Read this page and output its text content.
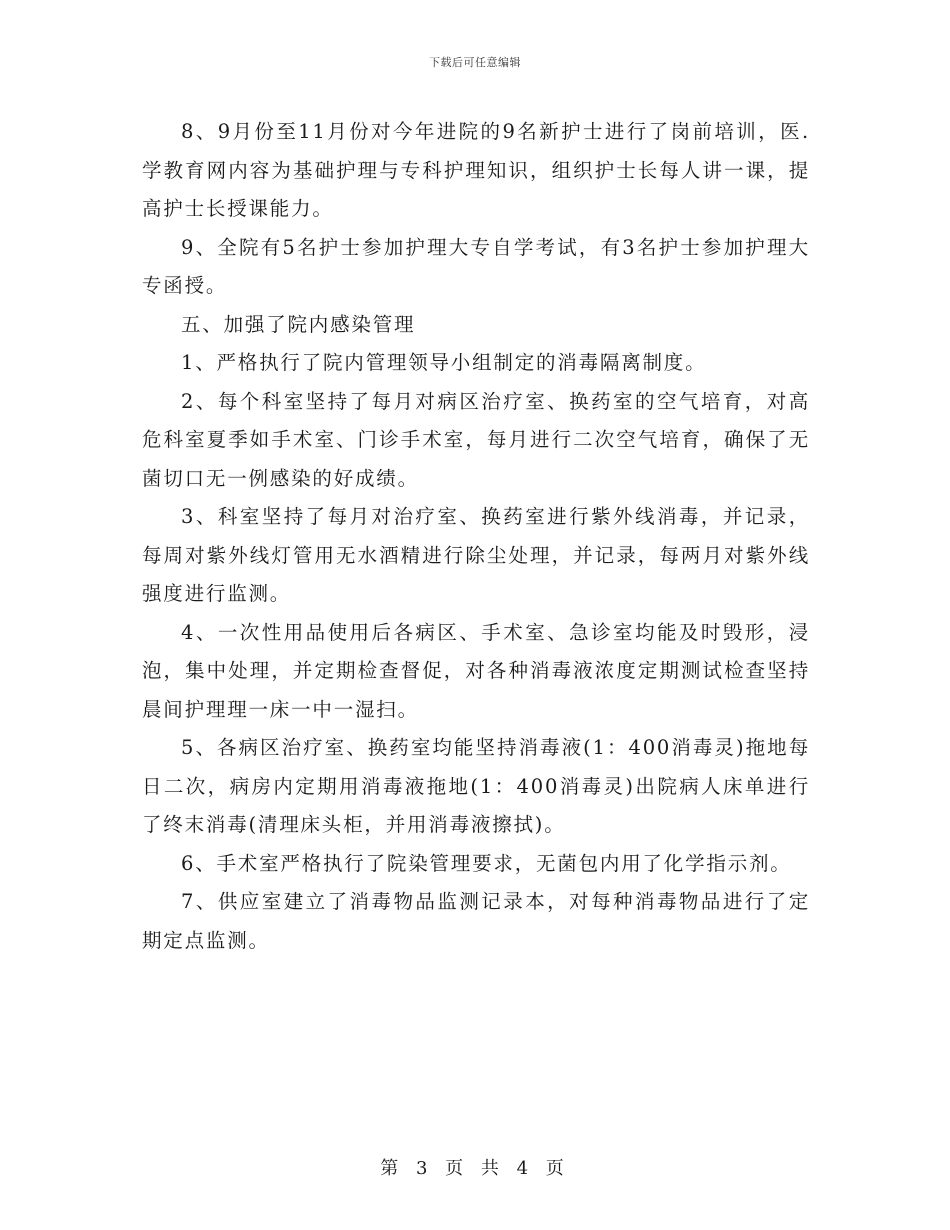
下载后可任意编辑

8、9月份至11月份对今年进院的9名新护士进行了岗前培训，医.学教育网内容为基础护理与专科护理知识，组织护士长每人讲一课，提高护士长授课能力。

9、全院有5名护士参加护理大专自学考试，有3名护士参加护理大专函授。

五、加强了院内感染管理

1、严格执行了院内管理领导小组制定的消毒隔离制度。

2、每个科室坚持了每月对病区治疗室、换药室的空气培育，对高危科室夏季如手术室、门诊手术室，每月进行二次空气培育，确保了无菌切口无一例感染的好成绩。

3、科室坚持了每月对治疗室、换药室进行紫外线消毒，并记录，每周对紫外线灯管用无水酒精进行除尘处理，并记录，每两月对紫外线强度进行监测。

4、一次性用品使用后各病区、手术室、急诊室均能及时毁形，浸泡，集中处理，并定期检查督促，对各种消毒液浓度定期测试检查坚持晨间护理理一床一中一湿扫。

5、各病区治疗室、换药室均能坚持消毒液(1：400消毒灵)拖地每日二次，病房内定期用消毒液拖地(1：400消毒灵)出院病人床单进行了终末消毒(清理床头柜，并用消毒液擦拭)。

6、手术室严格执行了院染管理要求，无菌包内用了化学指示剂。

7、供应室建立了消毒物品监测记录本，对每种消毒物品进行了定期定点监测。

第 3 页 共 4 页
